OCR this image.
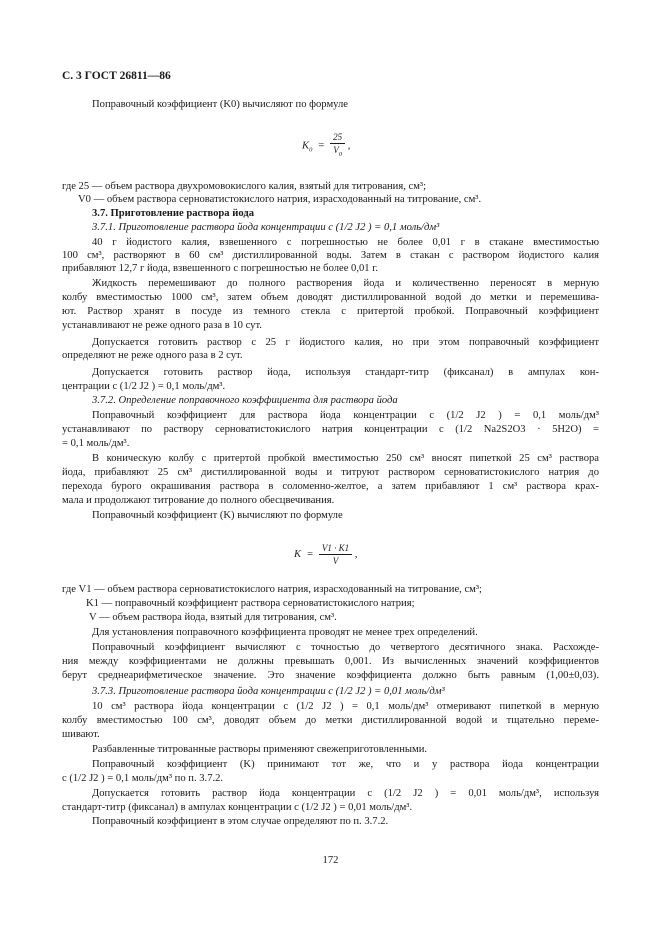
С. 3 ГОСТ 26811—86
Поправочный коэффициент (K0) вычисляют по формуле
$K_0 = \frac{25}{V_0}$ ,
где 25 — объем раствора двухромовокислого калия, взятый для титрования, см³;
V0 — объем раствора серноватистокислого натрия, израсходованный на титрование, см³.
3.7. Приготовление раствора йода
3.7.1. Приготовление раствора йода концентрации c (1/2 J2 ) = 0,1 моль/дм³
40 г йодистого калия, взвешенного с погрешностью не более 0,01 г в стакане вместимостью
100 см³, растворяют в 60 см³ дистиллированной воды. Затем в стакан с раствором йодистого калия
прибавляют 12,7 г йода, взвешенного с погрешностью не более 0,01 г.
Жидкость перемешивают до полного растворения йода и количественно переносят в мерную
колбу вместимостью 1000 см³, затем объем доводят дистиллированной водой до метки и перемешива-
ют. Раствор хранят в посуде из темного стекла с притертой пробкой. Поправочный коэффициент
устанавливают не реже одного раза в 10 сут.
Допускается готовить раствор с 25 г йодистого калия, но при этом поправочный коэффициент
определяют не реже одного раза в 2 сут.
Допускается готовить раствор йода, используя стандарт-титр (фиксанал) в ампулах кон-
центрации c (1/2 J2 ) = 0,1 моль/дм³.
3.7.2. Определение поправочного коэффициента для раствора йода
Поправочный коэффициент для раствора йода концентрации c (1/2 J2 ) = 0,1 моль/дм³
устанавливают по раствору серноватистокислого натрия концентрации c (1/2 Na2S2O3 · 5H2O) =
= 0,1 моль/дм³.
В коническую колбу с притертой пробкой вместимостью 250 см³ вносят пипеткой 25 см³ раствора
йода, прибавляют 25 см³ дистиллированной воды и титруют раствором серноватистокислого натрия до
перехода бурого окрашивания раствора в соломенно-желтое, а затем прибавляют 1 см³ раствора крах-
мала и продолжают титрование до полного обесцвечивания.
Поправочный коэффициент (K) вычисляют по формуле
$K = \frac{V1 \cdot K1}{V}$ ,
где V1 — объем раствора серноватистокислого натрия, израсходованный на титрование, см³;
K1 — поправочный коэффициент раствора серноватистокислого натрия;
V — объем раствора йода, взятый для титрования, см³.
Для установления поправочного коэффициента проводят не менее трех определений.
Поправочный коэффициент вычисляют с точностью до четвертого десятичного знака. Расхожде-
ния между коэффициентами не должны превышать 0,001. Из вычисленных значений коэффициентов
берут среднеарифметическое значение. Это значение коэффициента должно быть равным (1,00±0,03).
3.7.3. Приготовление раствора йода концентрации c (1/2 J2 ) = 0,01 моль/дм³
10 см³ раствора йода концентрации c (1/2 J2 ) = 0,1 моль/дм³ отмеривают пипеткой в мерную
колбу вместимостью 100 см³, доводят объем до метки дистиллированной водой и тщательно переме-
шивают.
Разбавленные титрованные растворы применяют свежеприготовленными.
Поправочный коэффициент (K) принимают тот же, что и у раствора йода концентрации
c (1/2 J2 ) = 0,1 моль/дм³ по п. 3.7.2.
Допускается готовить раствор йода концентрации c (1/2 J2 ) = 0,01 моль/дм³, используя
стандарт-титр (фиксанал) в ампулах концентрации c (1/2 J2 ) = 0,01 моль/дм³.
Поправочный коэффициент в этом случае определяют по п. 3.7.2.
172
